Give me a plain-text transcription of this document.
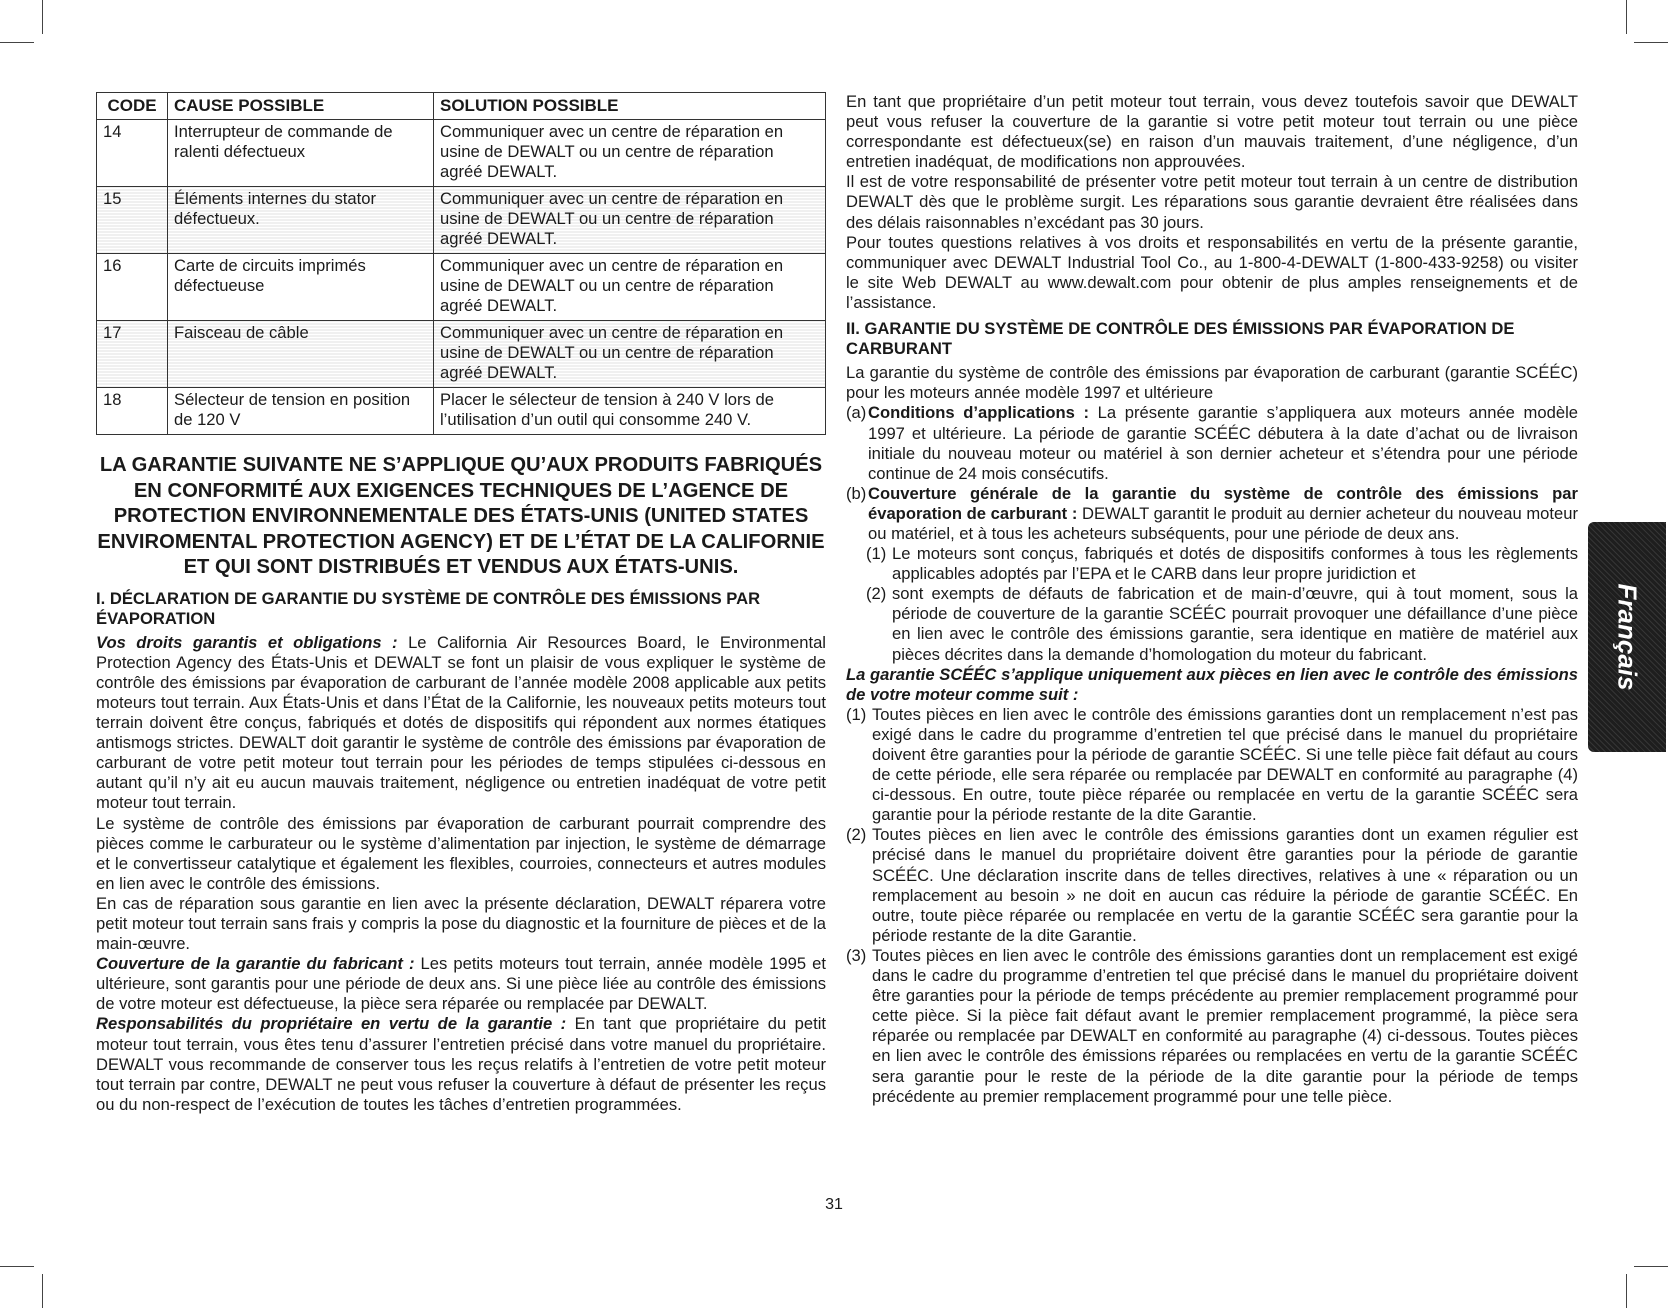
CODE	CAUSE POSSIBLE	SOLUTION POSSIBLE
14	Interrupteur de commande de ralenti défectueux	Communiquer avec un centre de réparation en usine de DEWALT ou un centre de réparation agréé DEWALT.
15	Éléments internes du stator défectueux.	Communiquer avec un centre de réparation en usine de DEWALT ou un centre de réparation agréé DEWALT.
16	Carte de circuits imprimés défectueuse	Communiquer avec un centre de réparation en usine de DEWALT ou un centre de réparation agréé DEWALT.
17	Faisceau de câble	Communiquer avec un centre de réparation en usine de DEWALT ou un centre de réparation agréé DEWALT.
18	Sélecteur de tension en position de 120 V	Placer le sélecteur de tension à 240 V lors de l’utilisation d’un outil qui consomme 240 V.
LA GARANTIE SUIVANTE NE S’APPLIQUE QU’AUX PRODUITS FABRIQUÉS EN CONFORMITÉ AUX EXIGENCES TECHNIQUES DE L’AGENCE DE PROTECTION ENVIRONNEMENTALE DES ÉTATS-UNIS (UNITED STATES ENVIROMENTAL PROTECTION AGENCY) ET DE L’ÉTAT DE LA CALIFORNIE ET QUI SONT DISTRIBUÉS ET VENDUS AUX ÉTATS-UNIS.
I. DÉCLARATION DE GARANTIE DU SYSTÈME DE CONTRÔLE DES ÉMISSIONS PAR ÉVAPORATION

Vos droits garantis et obligations : Le California Air Resources Board, le Environmental Protection Agency des États-Unis et DEWALT se font un plaisir de vous expliquer le système de contrôle des émissions par évaporation de carburant de l’année modèle 2008 applicable aux petits moteurs tout terrain. Aux États-Unis et dans l’État de la Californie, les nouveaux petits moteurs tout terrain doivent être conçus, fabriqués et dotés de dispositifs qui répondent aux normes étatiques antismogs strictes. DEWALT doit garantir le système de contrôle des émissions par évaporation de carburant de votre petit moteur tout terrain pour les périodes de temps stipulées ci-dessous en autant qu’il n’y ait eu aucun mauvais traitement, négligence ou entretien inadéquat de votre petit moteur tout terrain.

Le système de contrôle des émissions par évaporation de carburant pourrait comprendre des pièces comme le carburateur ou le système d’alimentation par injection, le système de démarrage et le convertisseur catalytique et également les flexibles, courroies, connecteurs et autres modules en lien avec le contrôle des émissions.

En cas de réparation sous garantie en lien avec la présente déclaration, DEWALT réparera votre petit moteur tout terrain sans frais y compris la pose du diagnostic et la fourniture de pièces et de la main-œuvre.

Couverture de la garantie du fabricant : Les petits moteurs tout terrain, année modèle 1995 et ultérieure, sont garantis pour une période de deux ans. Si une pièce liée au contrôle des émissions de votre moteur est défectueuse, la pièce sera réparée ou remplacée par DEWALT.

Responsabilités du propriétaire en vertu de la garantie : En tant que propriétaire du petit moteur tout terrain, vous êtes tenu d’assurer l’entretien précisé dans votre manuel du propriétaire. DEWALT vous recommande de conserver tous les reçus relatifs à l’entretien de votre petit moteur tout terrain par contre, DEWALT ne peut vous refuser la couverture à défaut de présenter les reçus ou du non-respect de l’exécution de toutes les tâches d’entretien programmées.

En tant que propriétaire d’un petit moteur tout terrain, vous devez toutefois savoir que DEWALT peut vous refuser la couverture de la garantie si votre petit moteur tout terrain ou une pièce correspondante est défectueux(se) en raison d’un mauvais traitement, d’une négligence, d’un entretien inadéquat, de modifications non approuvées.

Il est de votre responsabilité de présenter votre petit moteur tout terrain à un centre de distribution DEWALT dès que le problème surgit. Les réparations sous garantie devraient être réalisées dans des délais raisonnables n’excédant pas 30 jours.

Pour toutes questions relatives à vos droits et responsabilités en vertu de la présente garantie, communiquer avec DEWALT Industrial Tool Co., au 1-800-4-DEWALT (1-800-433-9258) ou visiter le site Web DEWALT au www.dewalt.com pour obtenir de plus amples renseignements et de l’assistance.

II. GARANTIE DU SYSTÈME DE CONTRÔLE DES ÉMISSIONS PAR ÉVAPORATION DE CARBURANT

La garantie du système de contrôle des émissions par évaporation de carburant (garantie SCÉÉC) pour les moteurs année modèle 1997 et ultérieure

(a) Conditions d’applications : La présente garantie s’appliquera aux moteurs année modèle 1997 et ultérieure. La période de garantie SCÉÉC débutera à la date d’achat ou de livraison initiale du nouveau moteur ou matériel à son dernier acheteur et s’étendra pour une période continue de 24 mois consécutifs.
(b) Couverture générale de la garantie du système de contrôle des émissions par évaporation de carburant : DEWALT garantit le produit au dernier acheteur du nouveau moteur ou matériel, et à tous les acheteurs subséquents, pour une période de deux ans.
(1) Le moteurs sont conçus, fabriqués et dotés de dispositifs conformes à tous les règlements applicables adoptés par l’EPA et le CARB dans leur propre juridiction et
(2) sont exempts de défauts de fabrication et de main-d’œuvre, qui à tout moment, sous la période de couverture de la garantie SCÉÉC pourrait provoquer une défaillance d’une pièce en lien avec le contrôle des émissions garantie, sera identique en matière de matériel aux pièces décrites dans la demande d’homologation du moteur du fabricant.

La garantie SCÉÉC s’applique uniquement aux pièces en lien avec le contrôle des émissions de votre moteur comme suit :

(1) Toutes pièces en lien avec le contrôle des émissions garanties dont un remplacement n’est pas exigé dans le cadre du programme d’entretien tel que précisé dans le manuel du propriétaire doivent être garanties pour la période de garantie SCÉÉC. Si une telle pièce fait défaut au cours de cette période, elle sera réparée ou remplacée par DEWALT en conformité au paragraphe (4) ci-dessous. En outre, toute pièce réparée ou remplacée en vertu de la garantie SCÉÉC sera garantie pour la période restante de la dite Garantie.
(2) Toutes pièces en lien avec le contrôle des émissions garanties dont un examen régulier est précisé dans le manuel du propriétaire doivent être garanties pour la période de garantie SCÉÉC. Une déclaration inscrite dans de telles directives, relatives à une « réparation ou un remplacement au besoin » ne doit en aucun cas réduire la période de garantie SCÉÉC. En outre, toute pièce réparée ou remplacée en vertu de la garantie SCÉÉC sera garantie pour la période restante de la dite Garantie.
(3) Toutes pièces en lien avec le contrôle des émissions garanties dont un remplacement est exigé dans le cadre du programme d’entretien tel que précisé dans le manuel du propriétaire doivent être garanties pour la période de temps précédente au premier remplacement programmé pour cette pièce. Si la pièce fait défaut avant le premier remplacement programmé, la pièce sera réparée ou remplacée par DEWALT en conformité au paragraphe (4) ci-dessous. Toutes pièces en lien avec le contrôle des émissions réparées ou remplacées en vertu de la garantie SCÉÉC sera garantie pour le reste de la période de la dite garantie pour la période de temps précédente au premier remplacement programmé pour une telle pièce.
Français
31
